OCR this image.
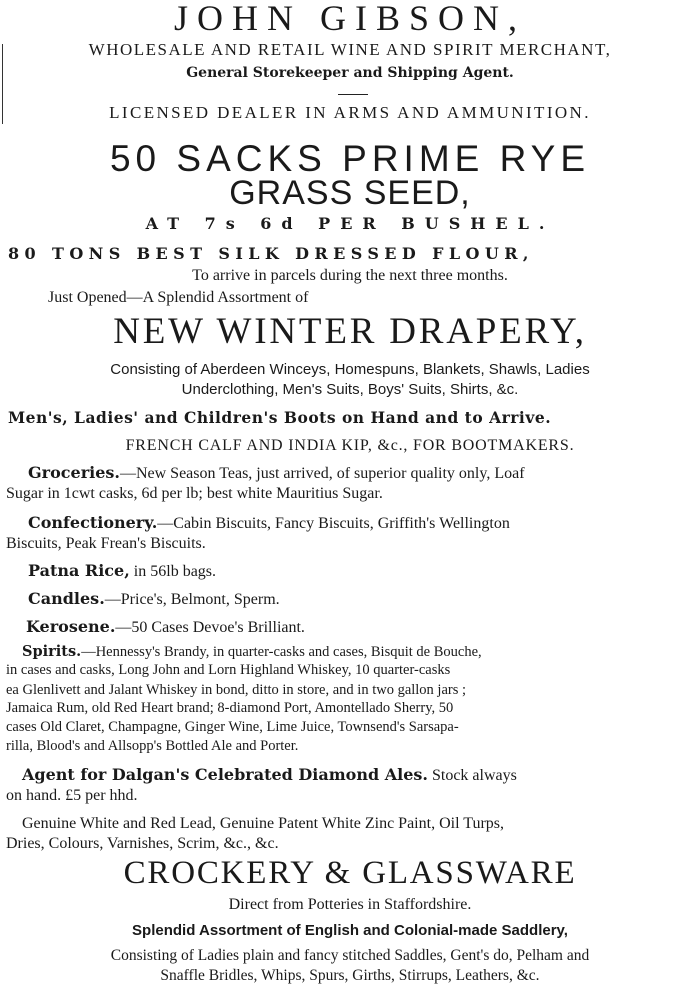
JOHN GIBSON,
WHOLESALE AND RETAIL WINE AND SPIRIT MERCHANT,
General Storekeeper and Shipping Agent.
LICENSED DEALER IN ARMS AND AMMUNITION.
50 SACKS PRIME RYE
GRASS SEED,
AT 7s 6d PER BUSHEL.
80 TONS BEST SILK DRESSED FLOUR,
To arrive in parcels during the next three months.
Just Opened—A Splendid Assortment of
NEW WINTER DRAPERY,
Consisting of Aberdeen Winceys, Homespuns, Blankets, Shawls, Ladies
Underclothing, Men's Suits, Boys' Suits, Shirts, &c.
Men's, Ladies' and Children's Boots on Hand and to Arrive.
FRENCH CALF AND INDIA KIP, &c., FOR BOOTMAKERS.
Groceries.—New Season Teas, just arrived, of superior quality only, Loaf
Sugar in 1cwt casks, 6d per lb; best white Mauritius Sugar.
Confectionery.—Cabin Biscuits, Fancy Biscuits, Griffith's Wellington
Biscuits, Peak Frean's Biscuits.
Patna Rice, in 56lb bags.
Candles.—Price's, Belmont, Sperm.
Kerosene.—50 Cases Devoe's Brilliant.
Spirits.—Hennessy's Brandy, in quarter-casks and cases, Bisquit de Bouche,
in cases and casks, Long John and Lorn Highland Whiskey, 10 quarter-casks
ea Glenlivett and Jalant Whiskey in bond, ditto in store, and in two gallon jars ;
Jamaica Rum, old Red Heart brand; 8-diamond Port, Amontellado Sherry, 50
cases Old Claret, Champagne, Ginger Wine, Lime Juice, Townsend's Sarsapa-
rilla, Blood's and Allsopp's Bottled Ale and Porter.
Agent for Dalgan's Celebrated Diamond Ales. Stock always
on hand. £5 per hhd.
Genuine White and Red Lead, Genuine Patent White Zinc Paint, Oil Turps,
Dries, Colours, Varnishes, Scrim, &c., &c.
CROCKERY & GLASSWARE
Direct from Potteries in Staffordshire.
Splendid Assortment of English and Colonial-made Saddlery,
Consisting of Ladies plain and fancy stitched Saddles, Gent's do, Pelham and
Snaffle Bridles, Whips, Spurs, Girths, Stirrups, Leathers, &c.
